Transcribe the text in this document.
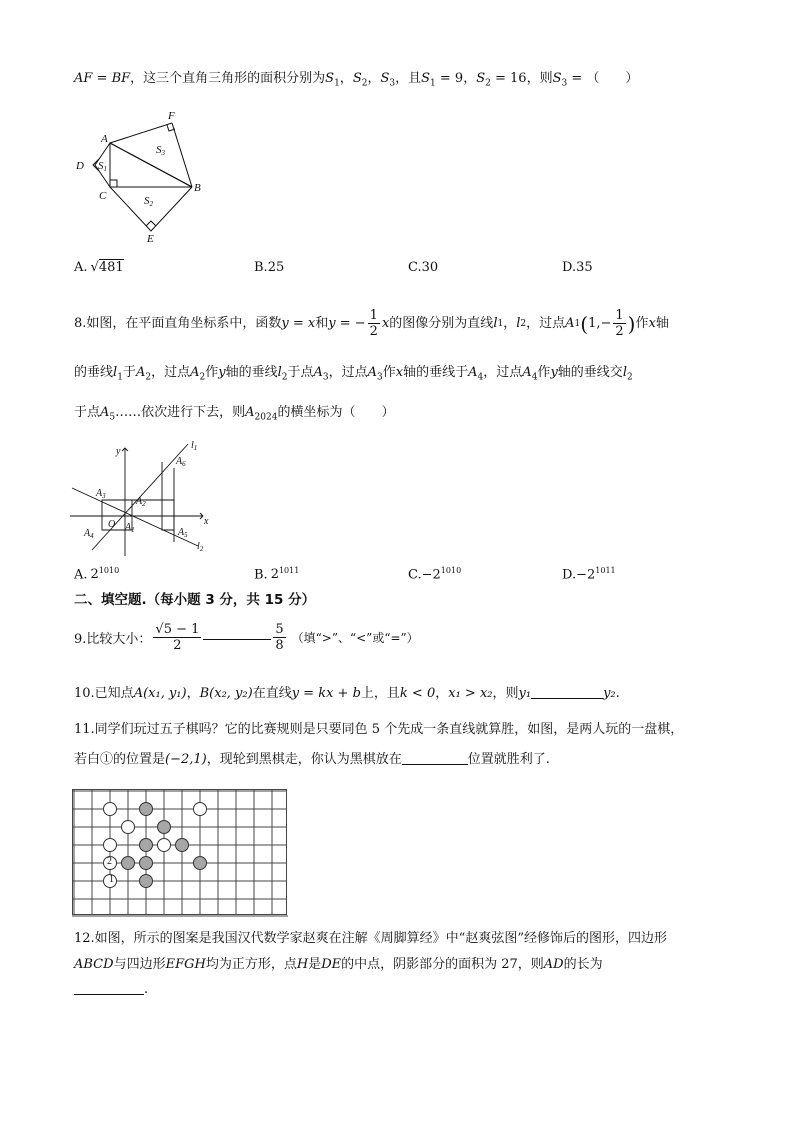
AF = BF，这三个直角三角形的面积分别为$S_1$，$S_2$，$S_3$，且$S_1 = 9$，$S_2 = 16$，则$S_3$ = （　　）
A
B
C
D
E
F
S1
S2
S3
A. √481	B.25	C.30	D.35
8.如图，在平面直角坐标系中，函数 y = x 和 y = − $\frac{1}{2}$ x 的图像分别为直线 l 1 ， l 2 ，过点 A 1 ( $1,- \frac{1}{2}$ ) 作 x 轴
的垂线$l_1$于$A_2$，过点$A_2$作y轴的垂线$l_2$于点$A_3$，过点$A_3$作x轴的垂线于$A_4$，过点$A_4$作y轴的垂线交$l_2$
于点$A_5\dots\dots$依次进行下去，则$A_{2024}$的横坐标为（　　）
y
x
O
$l_1$
$l_2$
$A_1$
$A_2$
$A_3$
$A_4$	$A_5$
$A_6$
A. $2^{1010}$	B. $2^{1011}$	$C.-2^{1010}$	$D.-2^{1011}$
二、填空题.（每小题 3 分，共 15 分）
9.比较大小： $\frac{√5 - 1}{2}$	$\frac{5}{8}$ （填“>”、“<”或“=”）
10.已知点A(x₁, y₁)，B(x₂, y₂)在直线y = kx + b上，且k < 0，x₁ > x₂，则y₁	y₂.
11.同学们玩过五子棋吗？它的比赛规则是只要同色 5 个先成一条直线就算胜，如图，是两人玩的一盘棋，
若白①的位置是(−2,1)，现轮到黑棋走，你认为黑棋放在	位置就胜利了.
2
1
12.如图，所示的图案是我国汉代数学家赵爽在注解《周脚算经》中“赵爽弦图”经修饰后的图形，四边形
ABCD与四边形EFGH均为正方形，点H是DE的中点，阴影部分的面积为 27，则AD的长为
.
